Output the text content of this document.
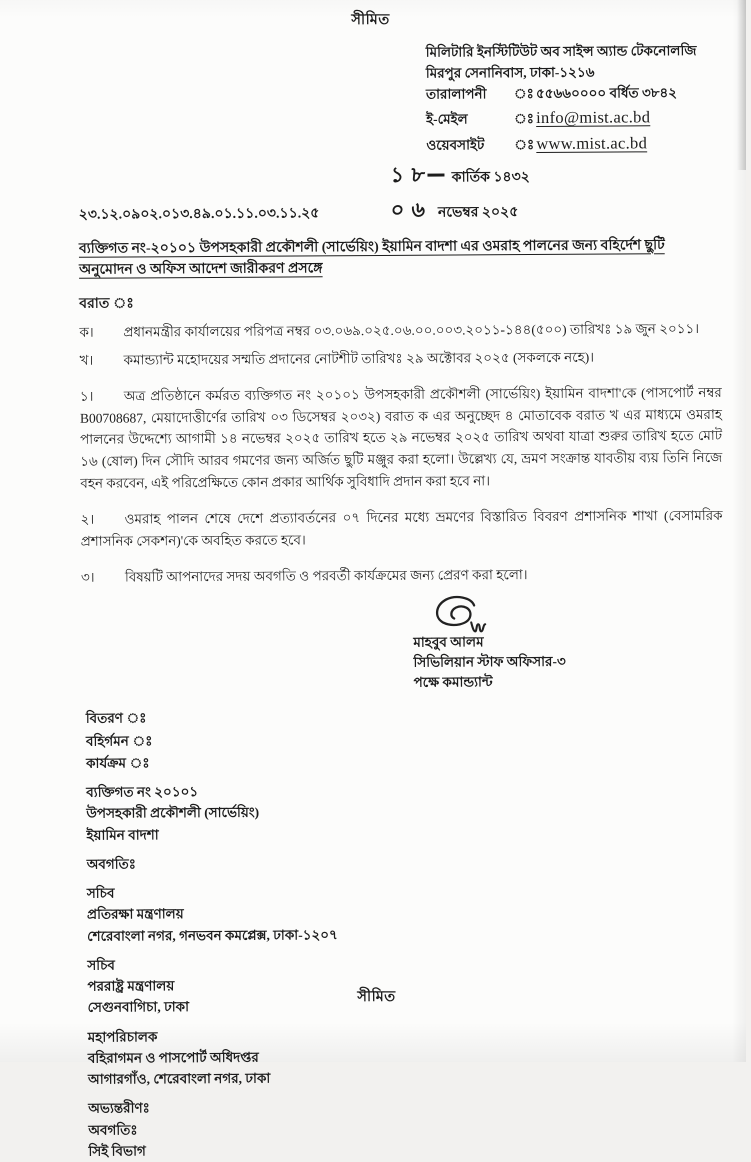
সীমিত
মিলিটারি ইনস্টিটিউট অব সাইন্স অ্যান্ড টেকনোলজি
মিরপুর সেনানিবাস, ঢাকা-১২১৬
তারালাপনী	ঃ ৫৫৬৬০০০০ বর্ধিত ৩৮৪২
ই-মেইল	ঃ info@mist.ac.bd
ওয়েবসাইট	ঃ www.mist.ac.bd
১৮ কার্তিক ১৪৩২
২৩.১২.০৯০২.০১৩.৪৯.০১.১১.০৩.১১.২৫	০৬ নভেম্বর ২০২৫
ব্যক্তিগত নং-২০১০১ উপসহকারী প্রকৌশলী (সার্ভেয়িং) ইয়ামিন বাদশা এর ওমরাহ পালনের জন্য বহির্দেশ ছুটি অনুমোদন ও অফিস আদেশ জারীকরণ প্রসঙ্গে
বরাত ঃ
ক।	প্রধানমন্ত্রীর কার্যালয়ের পরিপত্র নম্বর ০৩.০৬৯.০২৫.০৬.০০.০০৩.২০১১-১৪৪(৫০০) তারিখঃ ১৯ জুন ২০১১।
খ।	কমান্ড্যান্ট মহোদয়ের সম্মতি প্রদানের নোটশীট তারিখঃ ২৯ অক্টোবর ২০২৫ (সকলকে নহে)।
১।	অত্র প্রতিষ্ঠানে কর্মরত ব্যক্তিগত নং ২০১০১ উপসহকারী প্রকৌশলী (সার্ভেয়িং) ইয়ামিন বাদশা'কে (পাসপোর্ট নম্বর B00708687, মেয়াদোত্তীর্ণের তারিখ ০৩ ডিসেম্বর ২০৩২) বরাত ক এর অনুচ্ছেদ ৪ মোতাবেক বরাত খ এর মাধ্যমে ওমরাহ পালনের উদ্দেশ্যে আগামী ১৪ নভেম্বর ২০২৫ তারিখ হতে ২৯ নভেম্বর ২০২৫ তারিখ অথবা যাত্রা শুরুর তারিখ হতে মোট ১৬ (ষোল) দিন সৌদি আরব গমণের জন্য অর্জিত ছুটি মঞ্জুর করা হলো। উল্লেখ্য যে, ভ্রমণ সংক্রান্ত যাবতীয় ব্যয় তিনি নিজে বহন করবেন, এই পরিপ্রেক্ষিতে কোন প্রকার আর্থিক সুবিধাদি প্রদান করা হবে না।
২।	ওমরাহ পালন শেষে দেশে প্রত্যাবর্তনের ০৭ দিনের মধ্যে ভ্রমণের বিস্তারিত বিবরণ প্রশাসনিক শাখা (বেসামরিক প্রশাসনিক সেকশন)'কে অবহিত করতে হবে।
৩।	বিষয়টি আপনাদের সদয় অবগতি ও পরবর্তী কার্যক্রমের জন্য প্রেরণ করা হলো।
মাহবুব আলম
সিভিলিয়ান স্টাফ অফিসার-৩
পক্ষে কমান্ড্যান্ট
বিতরণ ঃ
বহির্গমন ঃ
কার্যক্রম ঃ
ব্যক্তিগত নং ২০১০১
উপসহকারী প্রকৌশলী (সার্ভেয়িং)
ইয়ামিন বাদশা
অবগতিঃ
সচিব
প্রতিরক্ষা মন্ত্রণালয়
শেরেবাংলা নগর, গনভবন কমপ্লেক্স, ঢাকা-১২০৭
সচিব
পররাষ্ট্র মন্ত্রণালয়
সেগুনবাগিচা, ঢাকা
মহাপরিচালক
বহিরাগমন ও পাসপোর্ট অধিদপ্তর
আগারগাঁও, শেরেবাংলা নগর, ঢাকা
অভ্যন্তরীণঃ
অবগতিঃ
সিই বিভাগ
সীমিত
